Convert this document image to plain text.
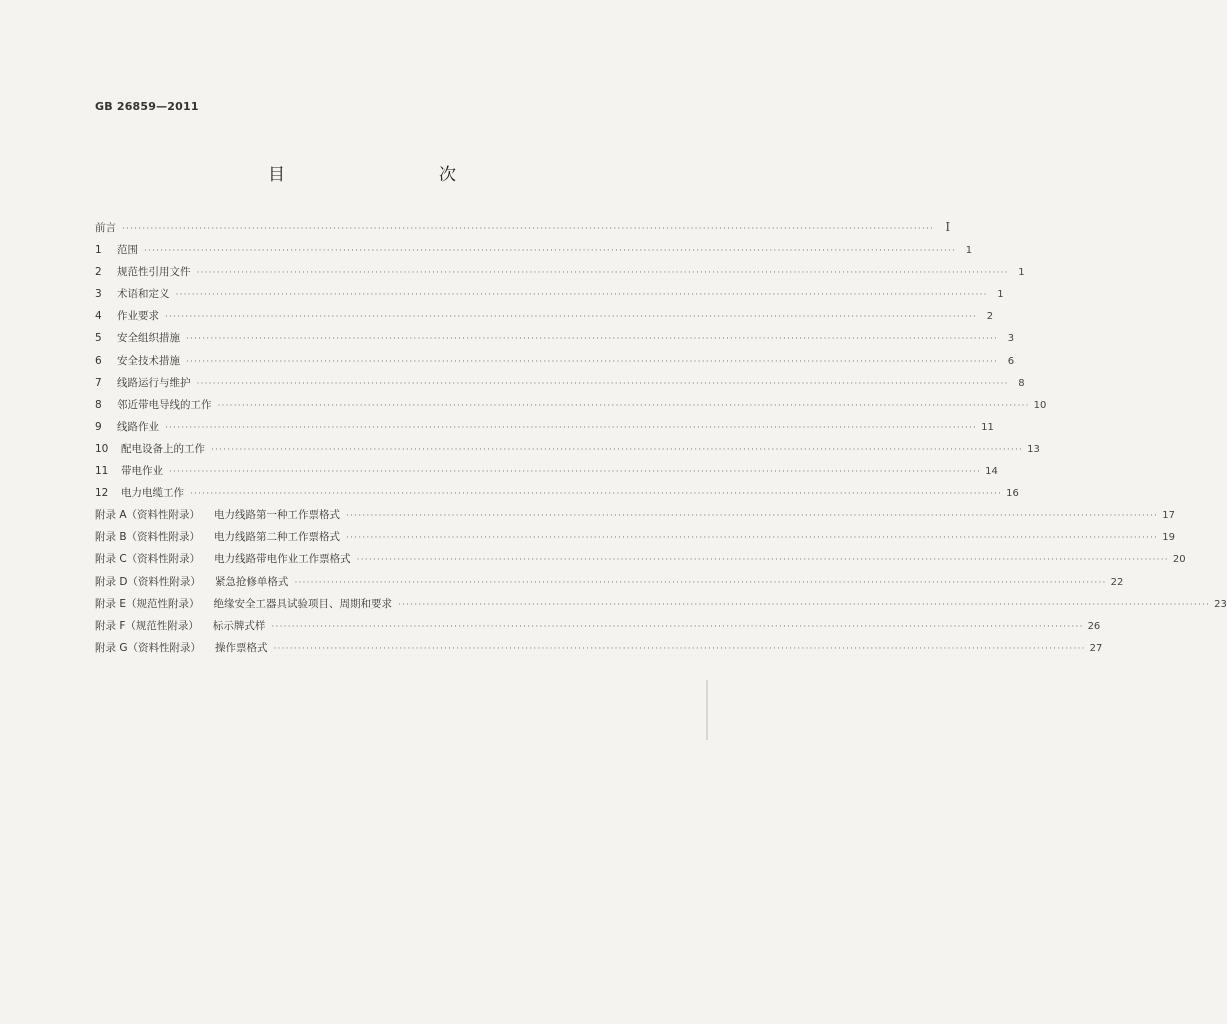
GB 26859—2011
目　　次
前言 ········································································································································································································ I
1 范围 ········································································································································································································ 1
2 规范性引用文件 ········································································································································································································ 1
3 术语和定义 ········································································································································································································ 1
4 作业要求 ········································································································································································································ 2
5 安全组织措施 ········································································································································································································ 3
6 安全技术措施 ········································································································································································································ 6
7 线路运行与维护 ········································································································································································································ 8
8 邻近带电导线的工作 ········································································································································································································ 10
9 线路作业 ········································································································································································································ 11
10 配电设备上的工作 ········································································································································································································ 13
11 带电作业 ········································································································································································································ 14
12 电力电缆工作 ········································································································································································································ 16
附录 A（资料性附录） 电力线路第一种工作票格式 ········································································································································································································ 17
附录 B（资料性附录） 电力线路第二种工作票格式 ········································································································································································································ 19
附录 C（资料性附录） 电力线路带电作业工作票格式 ········································································································································································································ 20
附录 D（资料性附录） 紧急抢修单格式 ········································································································································································································ 22
附录 E（规范性附录） 绝缘安全工器具试验项目、周期和要求 ········································································································································································································ 23
附录 F（规范性附录） 标示牌式样 ········································································································································································································ 26
附录 G（资料性附录） 操作票格式 ········································································································································································································ 27
